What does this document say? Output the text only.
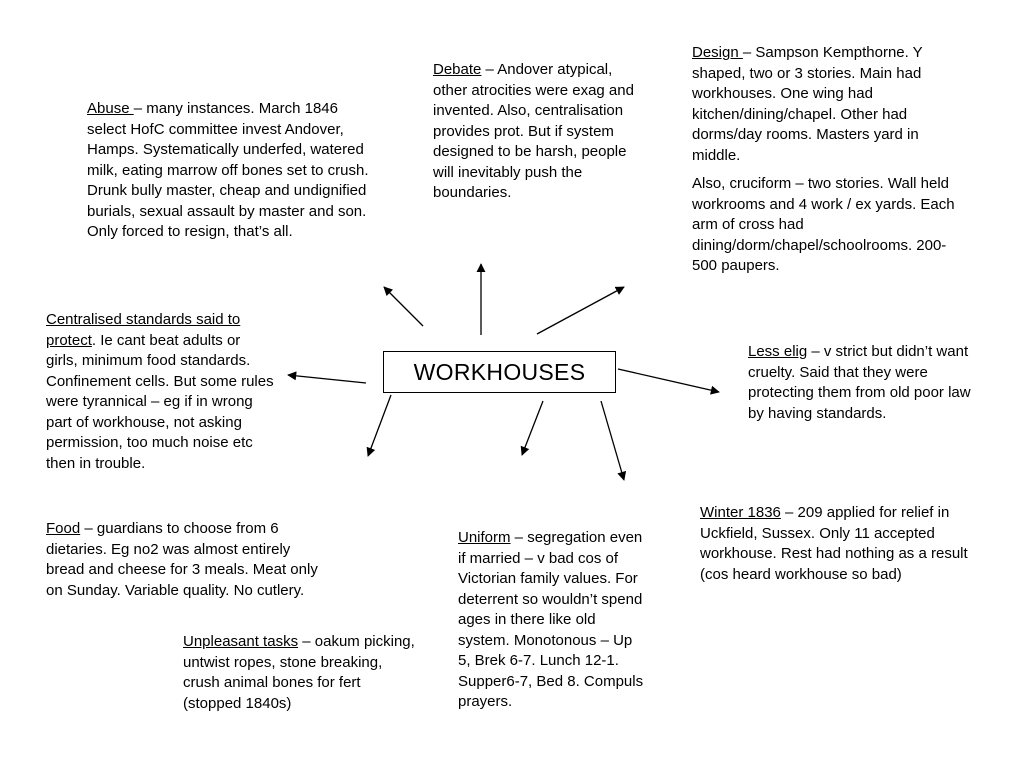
WORKHOUSES
Debate – Andover atypical, other atrocities were exag and invented. Also, centralisation provides prot. But if system designed to be harsh, people will inevitably push the boundaries.

Design – Sampson Kempthorne. Y shaped, two or 3 stories. Main had workhouses. One wing had kitchen/dining/chapel. Other had dorms/day rooms. Masters yard in middle.

Also, cruciform – two stories. Wall held workrooms and 4 work / ex yards. Each arm of cross had dining/dorm/chapel/schoolrooms. 200-500 paupers.

Abuse – many instances. March 1846 select HofC committee invest Andover, Hamps. Systematically underfed, watered milk, eating marrow off bones set to crush. Drunk bully master, cheap and undignified burials, sexual assault by master and son. Only forced to resign, that’s all.
Centralised standards said to protect. Ie cant beat adults or girls, minimum food standards. Confinement cells. But some rules were tyrannical – eg if in wrong part of workhouse, not asking permission, too much noise etc then in trouble.
Less elig – v strict but didn’t want cruelty. Said that they were protecting them from old poor law by having standards.
Food – guardians to choose from 6 dietaries. Eg no2 was almost entirely bread and cheese for 3 meals. Meat only on Sunday. Variable quality. No cutlery.
Unpleasant tasks – oakum picking, untwist ropes, stone breaking, crush animal bones for fert (stopped 1840s)
Uniform – segregation even if married – v bad cos of Victorian family values. For deterrent so wouldn’t spend ages in there like old system. Monotonous – Up 5, Brek 6-7. Lunch 12-1. Supper6-7, Bed 8. Compuls prayers.
Winter 1836 – 209 applied for relief in Uckfield, Sussex. Only 11 accepted workhouse. Rest had nothing as a result (cos heard workhouse so bad)
